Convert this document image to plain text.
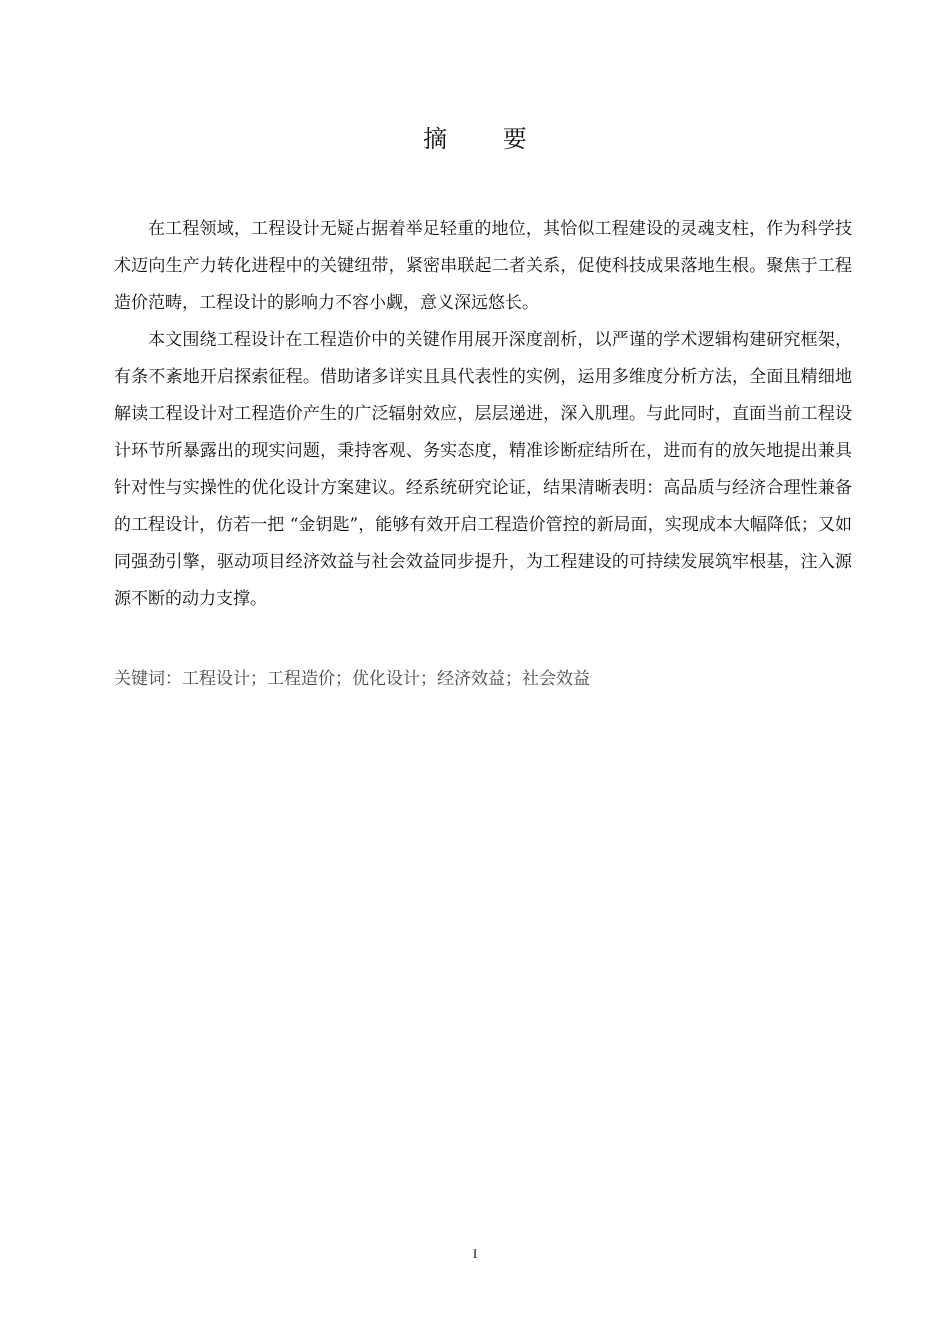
摘 要

在工程领域，工程设计无疑占据着举足轻重的地位，其恰似工程建设的灵魂支柱，作为科学技术迈向生产力转化进程中的关键纽带，紧密串联起二者关系，促使科技成果落地生根。聚焦于工程造价范畴，工程设计的影响力不容小觑，意义深远悠长。

本文围绕工程设计在工程造价中的关键作用展开深度剖析，以严谨的学术逻辑构建研究框架，有条不紊地开启探索征程。借助诸多详实且具代表性的实例，运用多维度分析方法，全面且精细地解读工程设计对工程造价产生的广泛辐射效应，层层递进，深入肌理。与此同时，直面当前工程设计环节所暴露出的现实问题，秉持客观、务实态度，精准诊断症结所在，进而有的放矢地提出兼具针对性与实操性的优化设计方案建议。经系统研究论证，结果清晰表明：高品质与经济合理性兼备的工程设计，仿若一把 “金钥匙”，能够有效开启工程造价管控的新局面，实现成本大幅降低；又如同强劲引擎，驱动项目经济效益与社会效益同步提升，为工程建设的可持续发展筑牢根基，注入源源不断的动力支撑。

关键词：工程设计；工程造价；优化设计；经济效益；社会效益
I
